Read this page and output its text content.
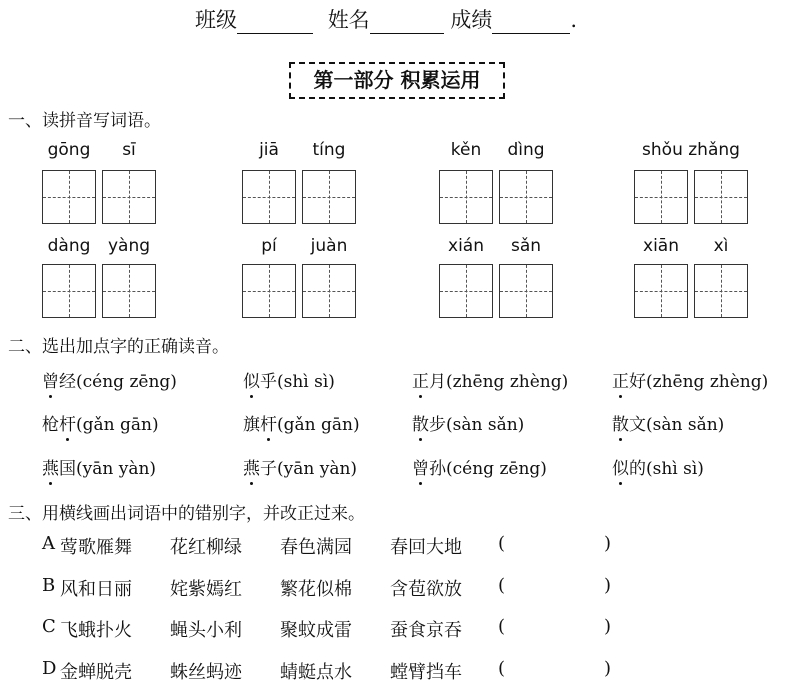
班级	姓名	成绩	.
第一部分 积累运用
一、读拼音写词语。
gōng sī	jiā tíng	kěn dìng	shǒu zhǎng
dàng yàng	pí juàn	xián sǎn	xiān xì
二、选出加点字的正确读音。
曾经(céng zēng)	似乎(shì sì)	正月(zhēng zhèng)	正好(zhēng zhèng)
枪杆(gǎn gān)	旗杆(gǎn gān)	散步(sàn sǎn)	散文(sàn sǎn)
燕国(yān yàn)	燕子(yān yàn)	曾孙(céng zēng)	似的(shì sì)
三、用横线画出词语中的错别字，并改正过来。
A 莺歌雁舞 花红柳绿 春色满园 春回大地 (	)
B 风和日丽 姹紫嫣红 繁花似棉 含苞欲放 (	)
C 飞蛾扑火 蝇头小利 聚蚊成雷 蚕食京吞 (	)
D 金蝉脱壳 蛛丝蚂迹 蜻蜓点水 螳臂挡车 (	)
